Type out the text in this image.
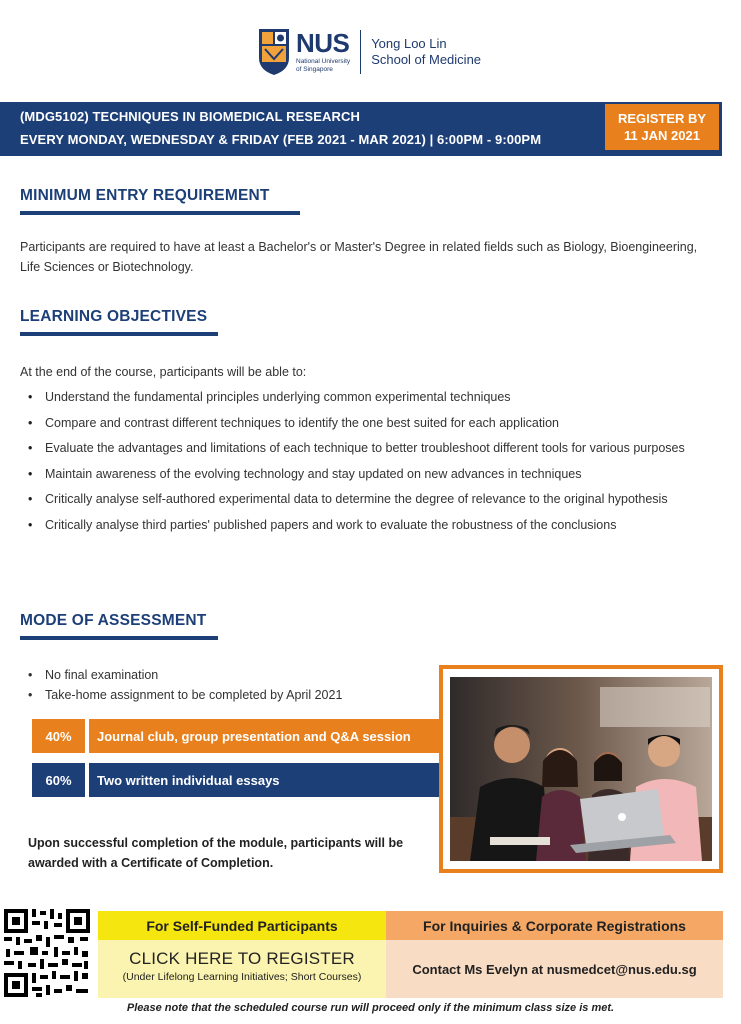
NUS
National University
of Singapore
Yong Loo Lin
School of Medicine
(MDG5102) TECHNIQUES IN BIOMEDICAL RESEARCH
EVERY MONDAY, WEDNESDAY & FRIDAY (FEB 2021 - MAR 2021) | 6:00PM - 9:00PM
REGISTER BY
11 JAN 2021
MINIMUM ENTRY REQUIREMENT
Participants are required to have at least a Bachelor's or Master's Degree in related fields such as Biology, Bioengineering, Life Sciences or Biotechnology.
LEARNING OBJECTIVES
At the end of the course, participants will be able to:
• Understand the fundamental principles underlying common experimental techniques
• Compare and contrast different techniques to identify the one best suited for each application
• Evaluate the advantages and limitations of each technique to better troubleshoot different tools for various purposes
• Maintain awareness of the evolving technology and stay updated on new advances in techniques
• Critically analyse self-authored experimental data to determine the degree of relevance to the original hypothesis
• Critically analyse third parties' published papers and work to evaluate the robustness of the conclusions
MODE OF ASSESSMENT
• No final examination
• Take-home assignment to be completed by April 2021
40%	Journal club, group presentation and Q&A session
60%	Two written individual essays
Upon successful completion of the module, participants will be awarded with a Certificate of Completion.
For Self-Funded Participants
CLICK HERE TO REGISTER
(Under Lifelong Learning Initiatives; Short Courses)
For Inquiries & Corporate Registrations
Contact Ms Evelyn at nusmedcet@nus.edu.sg
Please note that the scheduled course run will proceed only if the minimum class size is met.
